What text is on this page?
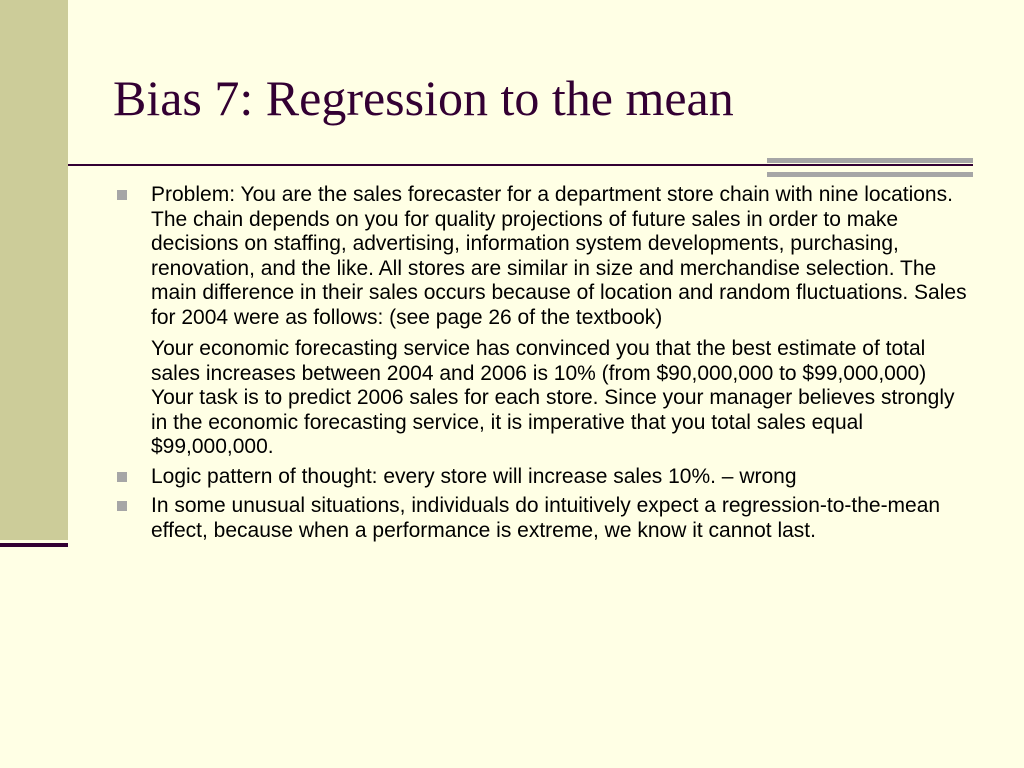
Bias 7: Regression to the mean

Problem: You are the sales forecaster for a department store chain with nine locations. The chain depends on you for quality projections of future sales in order to make decisions on staffing, advertising, information system developments, purchasing, renovation, and the like. All stores are similar in size and merchandise selection. The main difference in their sales occurs because of location and random fluctuations. Sales for 2004 were as follows: (see page 26 of the textbook)

Your economic forecasting service has convinced you that the best estimate of total sales increases between 2004 and 2006 is 10% (from $90,000,000 to $99,000,000) Your task is to predict 2006 sales for each store. Since your manager believes strongly in the economic forecasting service, it is imperative that you total sales equal $99,000,000.

Logic pattern of thought: every store will increase sales 10%. – wrong

In some unusual situations, individuals do intuitively expect a regression-to-the-mean effect, because when a performance is extreme, we know it cannot last.
